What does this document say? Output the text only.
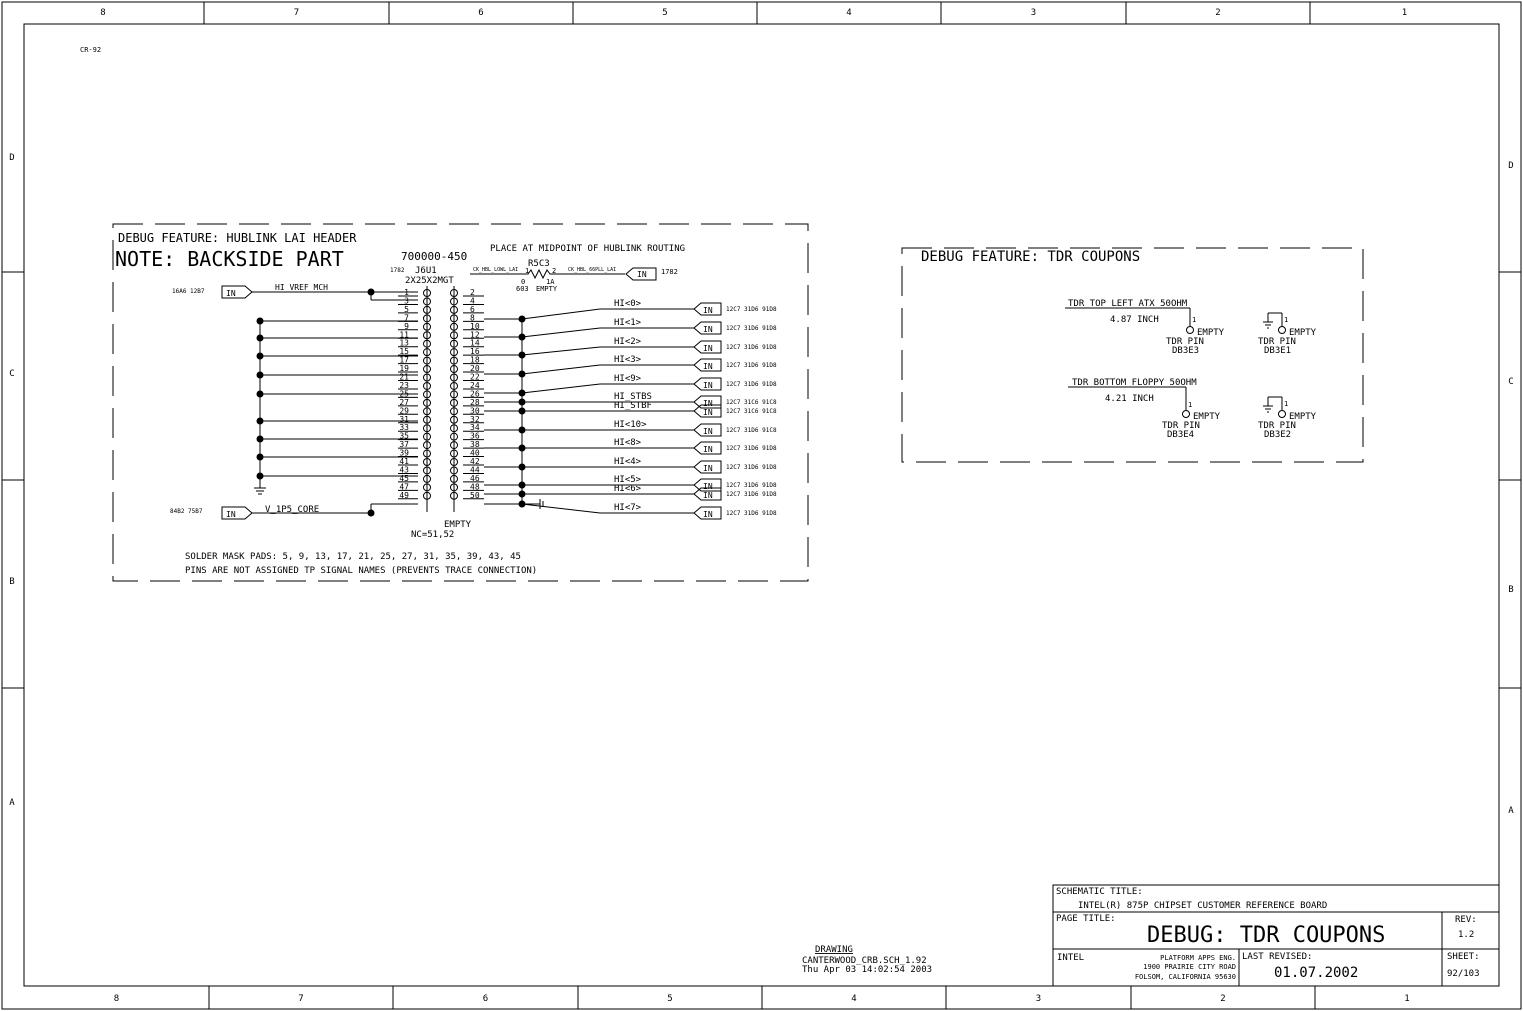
8	7	6	5	4	3	2	1
8	7	6	5	4	3	2	1
D
C
B
A
D
C
B
A
CR-92
DEBUG FEATURE: HUBLINK LAI HEADER
NOTE: BACKSIDE PART	700000-450
PLACE AT MIDPOINT OF HUBLINK ROUTING
1782 J6U1
2X25X2MGT
R5C3
1	2
CK_HBL_LOWL_LAI	CK_HBL_66PLL_LAI
0	1A
603 EMPTY
IN 1782
16A6 12B7	IN
HI_VREF_MCH
84B2 75B7	IN	V_1P5_CORE
1
3
5
7
9
11
13
15
17
19
21
23
25
27
29
31
33
35
37
39
41
43
45
47
49
2
4
6
8
10
12
14
16
18
20
22
24
26
28
30
32
34
36
38
40
42
44
46
48
50
HI<0>
IN 12C7 31D6 91D8
HI<1>
IN 12C7 31D6 91D8
HI<2>
IN 12C7 31D6 91D8
HI<3>
IN 12C7 31D6 91D8
HI<9>
IN 12C7 31D6 91D8
HI_STBS
IN 12C7 31C6 91C8
HI_STBF
IN 12C7 31C6 91C8
HI<10>
IN 12C7 31D6 91C8
HI<8>
IN 12C7 31D6 91D8
HI<4>
IN 12C7 31D6 91D8
HI<5>
IN 12C7 31D6 91D8
HI<6>
IN 12C7 31D6 91D8
HI<7>
IN 12C7 31D6 91D8
EMPTY
NC=51,52
SOLDER MASK PADS: 5, 9, 13, 17, 21, 25, 27, 31, 35, 39, 43, 45
PINS ARE NOT ASSIGNED TP SIGNAL NAMES (PREVENTS TRACE CONNECTION)
DEBUG FEATURE: TDR COUPONS
TDR_TOP_LEFT_ATX_50OHM
4.87 INCH	1
EMPTY
TDR PIN
DB3E3
1
EMPTY
TDR PIN
DB3E1
TDR_BOTTOM_FLOPPY_50OHM
4.21 INCH
1
EMPTY
TDR PIN
DB3E4
1
EMPTY
TDR PIN
DB3E2
DRAWING
CANTERWOOD_CRB.SCH_1.92
Thu Apr 03 14:02:54 2003
SCHEMATIC TITLE:
INTEL(R) 875P CHIPSET CUSTOMER REFERENCE BOARD
PAGE TITLE:
DEBUG: TDR COUPONS
REV:
1.2
INTEL	PLATFORM APPS ENG.
1900 PRAIRIE CITY ROAD
FOLSOM, CALIFORNIA 95630
LAST REVISED:
01.07.2002
SHEET:
92/103
